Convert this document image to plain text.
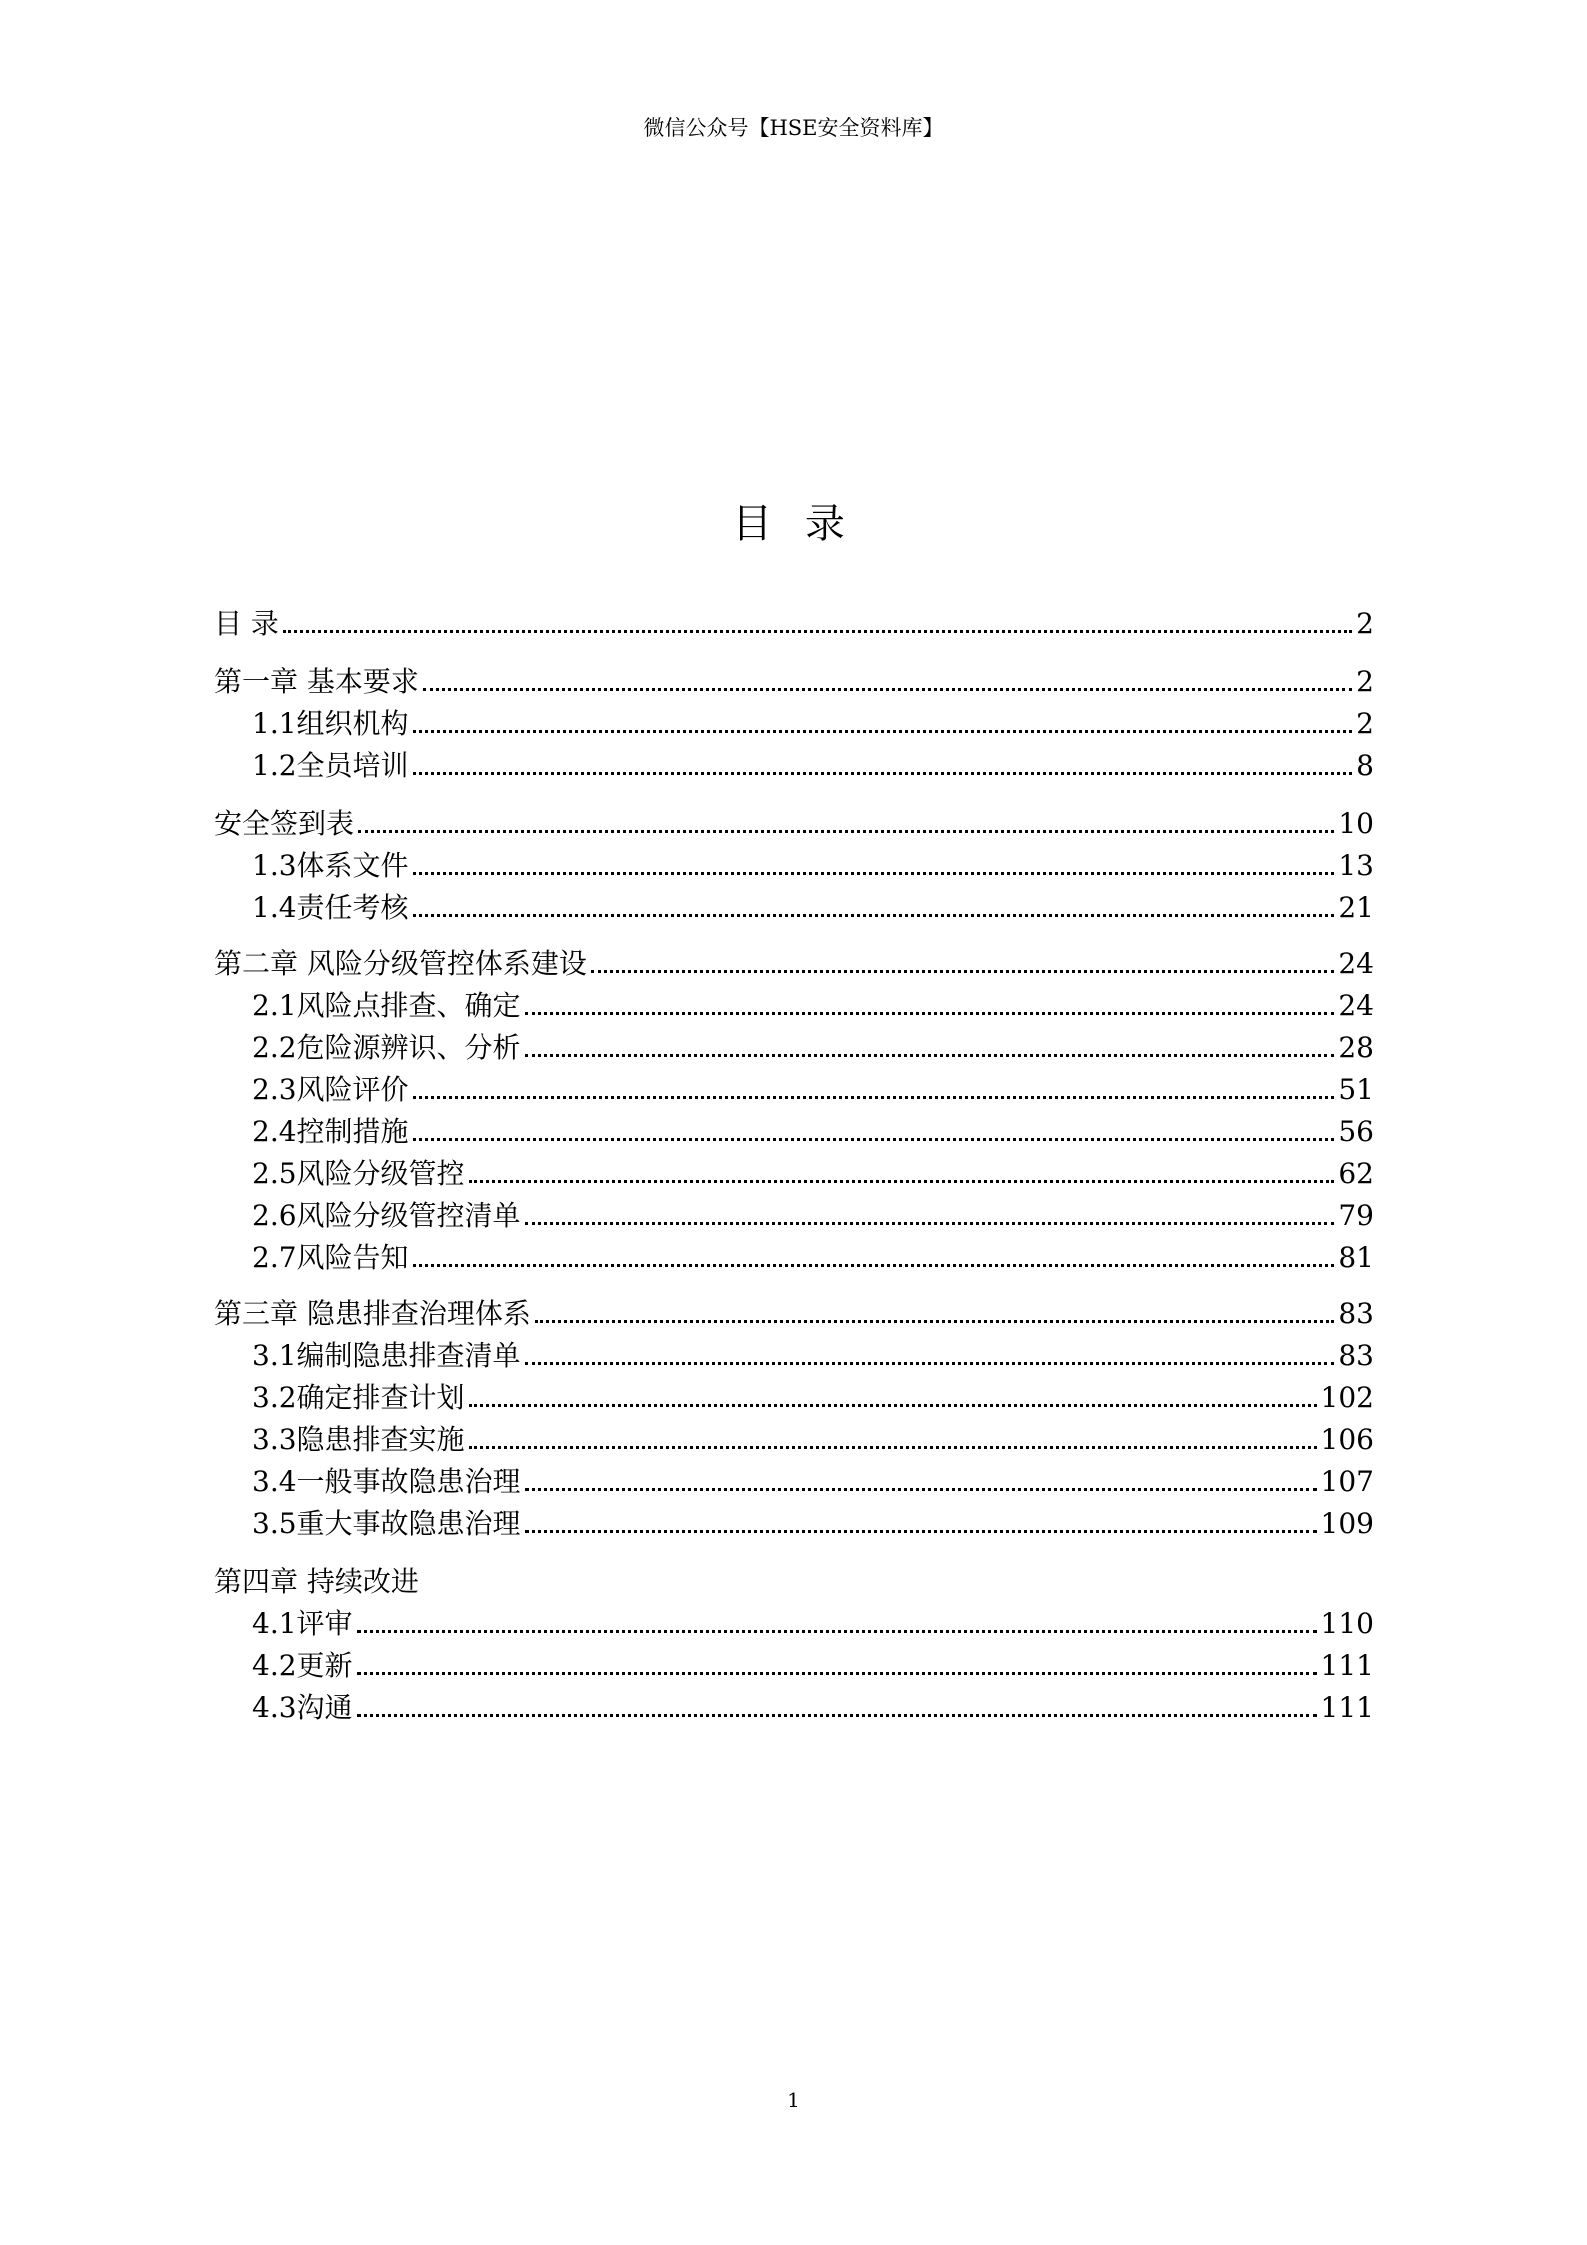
微信公众号【HSE安全资料库】
目 录
目 录	2
第一章 基本要求	2
1.1组织机构	2
1.2全员培训	8
安全签到表	10
1.3体系文件	13
1.4责任考核	21
第二章 风险分级管控体系建设	24
2.1风险点排查、确定	24
2.2危险源辨识、分析	28
2.3风险评价	51
2.4控制措施	56
2.5风险分级管控	62
2.6风险分级管控清单	79
2.7风险告知	81
第三章 隐患排查治理体系	83
3.1编制隐患排查清单	83
3.2确定排查计划	102
3.3隐患排查实施	106
3.4一般事故隐患治理	107
3.5重大事故隐患治理	109
第四章 持续改进
4.1评审	110
4.2更新	111
4.3沟通	111
1
